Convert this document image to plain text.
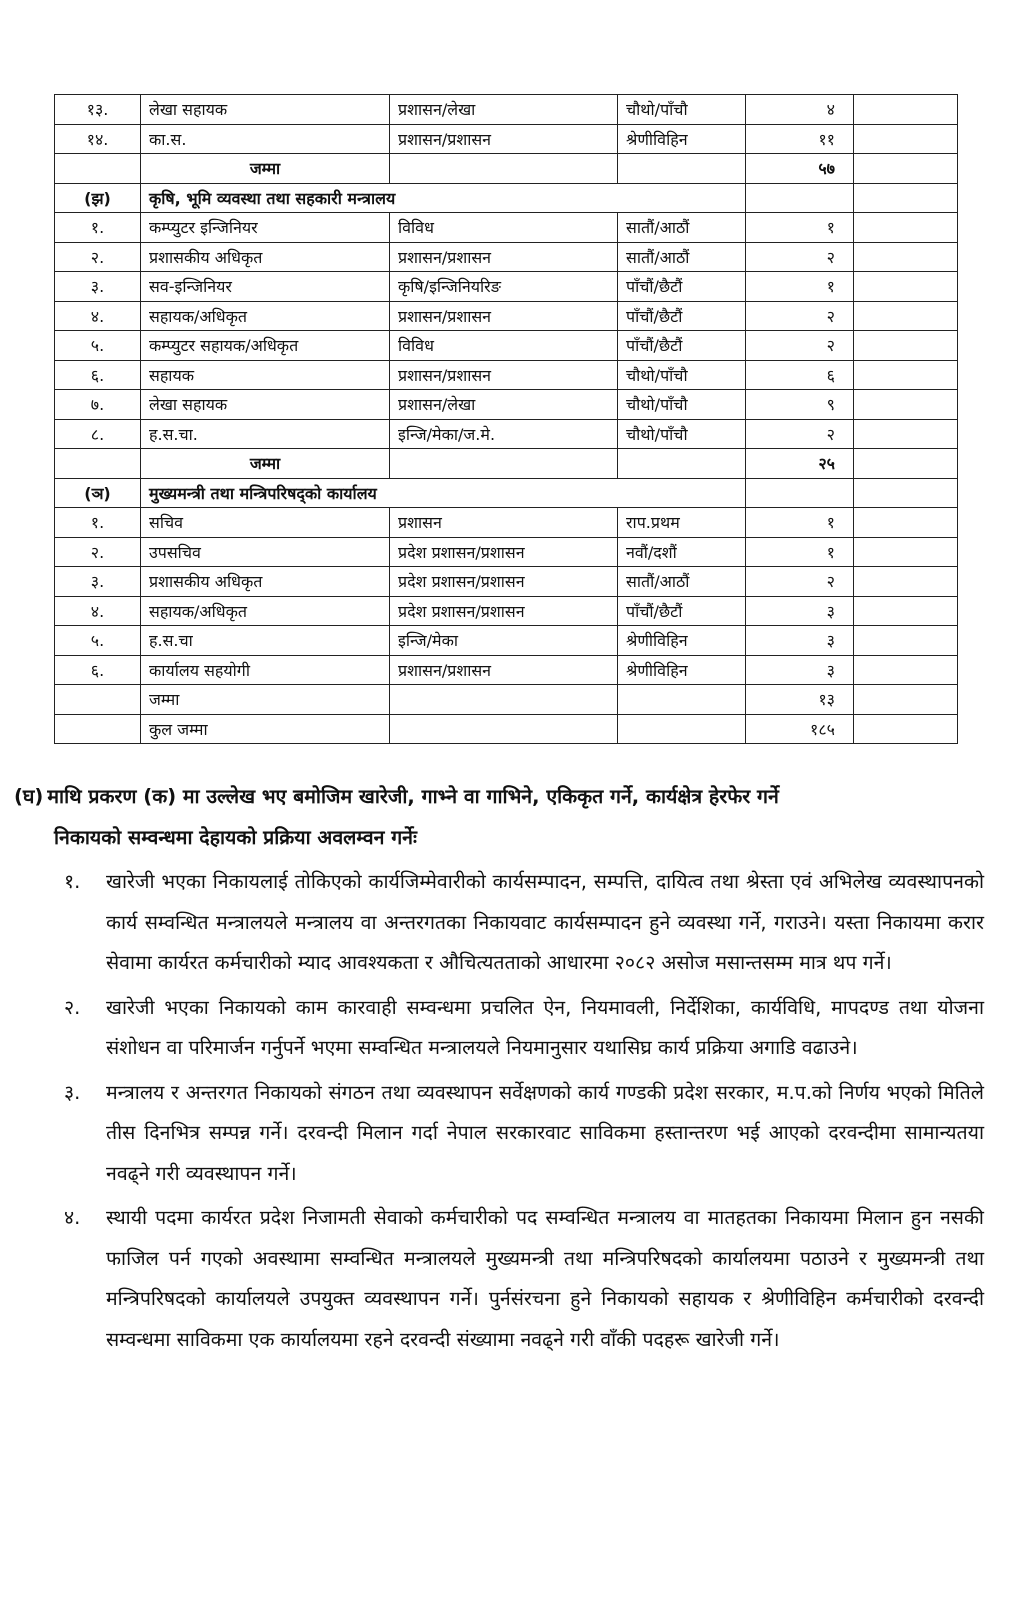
१३.	लेखा सहायक	प्रशासन/लेखा	चौथो/पाँचौ	४	
१४.	का.स.	प्रशासन/प्रशासन	श्रेणीविहिन	११	
	जम्मा			५७	
(झ)	कृषि, भूमि व्यवस्था तथा सहकारी मन्त्रालय				
१.	कम्प्युटर इन्जिनियर	विविध	सातौं/आठौं	१	
२.	प्रशासकीय अधिकृत	प्रशासन/प्रशासन	सातौं/आठौं	२	
३.	सव-इन्जिनियर	कृषि/इन्जिनियरिङ	पाँचौं/छैटौं	१	
४.	सहायक/अधिकृत	प्रशासन/प्रशासन	पाँचौं/छैटौं	२	
५.	कम्प्युटर सहायक/अधिकृत	विविध	पाँचौं/छैटौं	२	
६.	सहायक	प्रशासन/प्रशासन	चौथो/पाँचौ	६	
७.	लेखा सहायक	प्रशासन/लेखा	चौथो/पाँचौ	९	
८.	ह.स.चा.	इन्जि/मेका/ज.मे.	चौथो/पाँचौ	२	
	जम्मा			२५	
(ञ)	मुख्यमन्त्री तथा मन्त्रिपरिषद्को कार्यालय				
१.	सचिव	प्रशासन	राप.प्रथम	१	
२.	उपसचिव	प्रदेश प्रशासन/प्रशासन	नवौं/दशौं	१	
३.	प्रशासकीय अधिकृत	प्रदेश प्रशासन/प्रशासन	सातौं/आठौं	२	
४.	सहायक/अधिकृत	प्रदेश प्रशासन/प्रशासन	पाँचौं/छैटौं	३	
५.	ह.स.चा	इन्जि/मेका	श्रेणीविहिन	३	
६.	कार्यालय सहयोगी	प्रशासन/प्रशासन	श्रेणीविहिन	३	
	जम्मा			१३	
	कुल जम्मा			१८५	

(घ) माथि प्रकरण (क) मा उल्लेख भए बमोजिम खारेजी, गाभ्ने वा गाभिने, एकिकृत गर्ने, कार्यक्षेत्र हेरफेर गर्ने
निकायको सम्वन्धमा देहायको प्रक्रिया अवलम्वन गर्नेः

१. खारेजी भएका निकायलाई तोकिएको कार्यजिम्मेवारीको कार्यसम्पादन, सम्पत्ति, दायित्व तथा श्रेस्ता एवं अभिलेख व्यवस्थापनको कार्य सम्वन्धित मन्त्रालयले मन्त्रालय वा अन्तरगतका निकायवाट कार्यसम्पादन हुने व्यवस्था गर्ने, गराउने। यस्ता निकायमा करार सेवामा कार्यरत कर्मचारीको म्याद आवश्यकता र औचित्यतताको आधारमा २०८२ असोज मसान्तसम्म मात्र थप गर्ने।
२. खारेजी भएका निकायको काम कारवाही सम्वन्धमा प्रचलित ऐन, नियमावली, निर्देशिका, कार्यविधि, मापदण्ड तथा योजना संशोधन वा परिमार्जन गर्नुपर्ने भएमा सम्वन्धित मन्त्रालयले नियमानुसार यथासिघ्र कार्य प्रक्रिया अगाडि वढाउने।
३. मन्त्रालय र अन्तरगत निकायको संगठन तथा व्यवस्थापन सर्वेक्षणको कार्य गण्डकी प्रदेश सरकार, म.प.को निर्णय भएको मितिले तीस दिनभित्र सम्पन्न गर्ने। दरवन्दी मिलान गर्दा नेपाल सरकारवाट साविकमा हस्तान्तरण भई आएको दरवन्दीमा सामान्यतया नवढ्ने गरी व्यवस्थापन गर्ने।
४. स्थायी पदमा कार्यरत प्रदेश निजामती सेवाको कर्मचारीको पद सम्वन्धित मन्त्रालय वा मातहतका निकायमा मिलान हुन नसकी फाजिल पर्न गएको अवस्थामा सम्वन्धित मन्त्रालयले मुख्यमन्त्री तथा मन्त्रिपरिषदको कार्यालयमा पठाउने र मुख्यमन्त्री तथा मन्त्रिपरिषदको कार्यालयले उपयुक्त व्यवस्थापन गर्ने। पुर्नसंरचना हुने निकायको सहायक र श्रेणीविहिन कर्मचारीको दरवन्दी सम्वन्धमा साविकमा एक कार्यालयमा रहने दरवन्दी संख्यामा नवढ्ने गरी वाँकी पदहरू खारेजी गर्ने।
